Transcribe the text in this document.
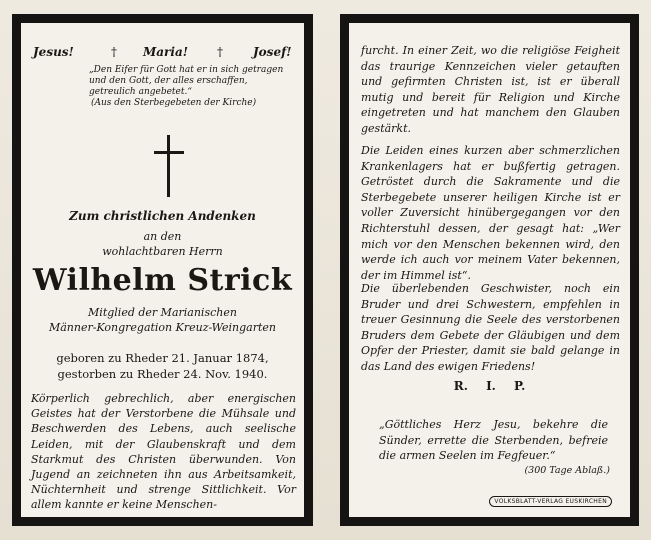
Jesus!	† Maria! †	Josef!
„Den Eifer für Gott hat er in sich getragen und den Gott, der alles erschaffen, getreulich angebetet.“
(Aus den Sterbegebeten der Kirche)
Zum christlichen Andenken
an den
wohlachtbaren Herrn
Wilhelm Strick
Mitglied der Marianischen
Männer-Kongregation Kreuz-Weingarten
geboren zu Rheder 21. Januar 1874,
gestorben zu Rheder 24. Nov. 1940.
Körperlich gebrechlich, aber energischen Geistes hat der Verstorbene die Mühsale und Beschwerden des Lebens, auch seelische Leiden, mit der Glaubenskraft und dem Starkmut des Christen überwunden. Von Jugend an zeichneten ihn aus Arbeitsamkeit, Nüchternheit und strenge Sittlichkeit. Vor allem kannte er keine Menschen-
furcht. In einer Zeit, wo die religiöse Feigheit das traurige Kennzeichen vieler getauften und gefirmten Christen ist, ist er überall mutig und bereit für Religion und Kirche eingetreten und hat manchem den Glauben gestärkt.
Die Leiden eines kurzen aber schmerzlichen Krankenlagers hat er bußfertig getragen. Getröstet durch die Sakramente und die Sterbegebete unserer heiligen Kirche ist er voller Zuversicht hinübergegangen vor den Richterstuhl dessen, der gesagt hat: „Wer mich vor den Menschen bekennen wird, den werde ich auch vor meinem Vater bekennen, der im Himmel ist“.
Die überlebenden Geschwister, noch ein Bruder und drei Schwestern, empfehlen in treuer Gesinnung die Seele des verstorbenen Bruders dem Gebete der Gläubigen und dem Opfer der Priester, damit sie bald gelange in das Land des ewigen Friedens!
R. I. P.
„Göttliches Herz Jesu, bekehre die Sünder, errette die Sterbenden, befreie die armen Seelen im Fegfeuer.“
(300 Tage Ablaß.)
VOLKSBLATT-VERLAG EUSKIRCHEN
